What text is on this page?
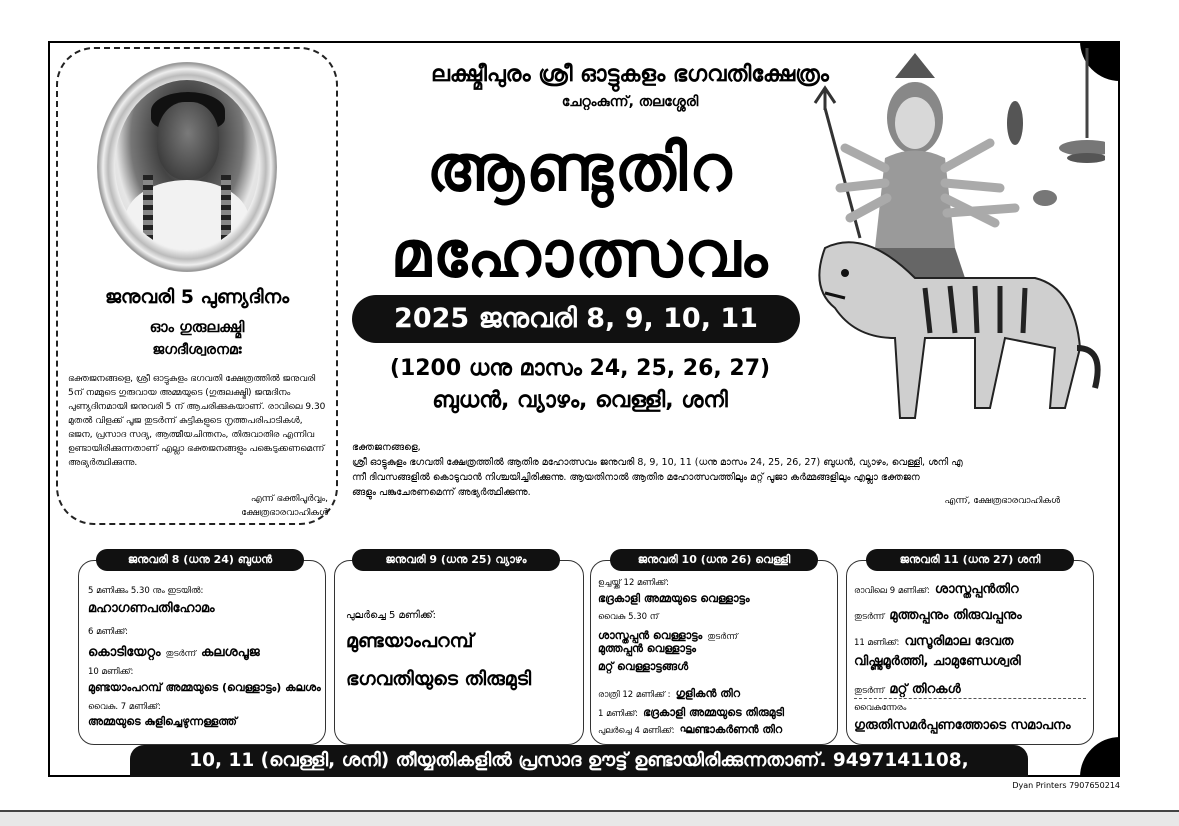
ജനുവരി 5 പുണ്യദിനം
ഓം ഗുരുലക്ഷ്മി
ജഗദീശ്വരനമഃ
ഭക്തജനങ്ങളെ, ശ്രീ ഓട്ടുകുളം ഭഗവതി ക്ഷേത്രത്തിൽ ജനുവരി 5ന് നമ്മുടെ ഗുരുവായ അമ്മയുടെ (ഗുരുലക്ഷ്മി) ജന്മദിനം പുണ്യദിനമായി ജനുവരി 5 ന് ആചരിക്കുകയാണ്. രാവിലെ 9.30 മുതൽ വിളക്ക് പൂജ തുടർന്ന് കുട്ടികളുടെ നൃത്തപരിപാടികൾ, ഭജന, പ്രസാദ സദ്യ, ആത്മീയചിന്തനം, തിരുവാതിര എന്നിവ ഉണ്ടായിരിക്കുന്നതാണ് എല്ലാ ഭക്തജനങ്ങളും പങ്കെടുക്കണമെന്ന് അഭ്യർത്ഥിക്കുന്നു.
എന്ന് ഭക്തിപൂർവ്വം,
ക്ഷേത്രഭാരവാഹികൾ
ലക്ഷ്മീപുരം ശ്രീ ഓട്ടുകളം ഭഗവതിക്ഷേത്രം
ചേറ്റംകുന്ന്, തലശ്ശേരി
ആണ്ടുതിറ
മഹോത്സവം
2025 ജനുവരി 8, 9, 10, 11
(1200 ധനു മാസം 24, 25, 26, 27)
ബുധൻ, വ്യാഴം, വെള്ളി, ശനി
ഭക്തജനങ്ങളെ,
ശ്രീ ഓട്ടുകുളം ഭഗവതി ക്ഷേത്രത്തിൽ ആതിര മഹോത്സവം ജനുവരി 8, 9, 10, 11 (ധനു മാസം 24, 25, 26, 27) ബുധൻ, വ്യാഴം, വെള്ളി, ശനി എ
ന്നീ ദിവസങ്ങളിൽ കൊടുവാൻ നിശ്ചയിച്ചിരിക്കുന്നു. ആയതിനാൽ ആതിര മഹോത്സവത്തിലും മറ്റ് പൂജാ കർമ്മങ്ങളിലും എല്ലാ ഭക്തജന
ങ്ങളും പങ്കുചേരണമെന്ന് അഭ്യർത്ഥിക്കുന്നു.
എന്ന്, ക്ഷേത്രഭാരവാഹികൾ
ജനുവരി 8 (ധനു 24) ബുധൻ
5 മണിക്കും 5.30 നും ഇടയിൽ:
മഹാഗണപതിഹോമം
6 മണിക്ക്:
കൊടിയേറ്റം തുടർന്ന് കലശപൂജ
10 മണിക്ക്:
മുണ്ടയാംപറമ്പ് അമ്മയുടെ (വെള്ളാട്ടം) കലശം
വൈകു. 7 മണിക്ക്:
അമ്മയുടെ കുളിച്ചെഴുന്നള്ളത്ത്
ജനുവരി 9 (ധനു 25) വ്യാഴം
പുലർച്ചെ 5 മണിക്ക്:
മുണ്ടയാംപറമ്പ്
ഭഗവതിയുടെ തിരുമുടി
ജനുവരി 10 (ധനു 26) വെള്ളി
ഉച്ചയ്ക്ക് 12 മണിക്ക്:
ഭദ്രകാളി അമ്മയുടെ വെള്ളാട്ടം
വൈകു 5.30 ന്
ശാസ്തപ്പൻ വെള്ളാട്ടം തുടർന്ന്
മുത്തപ്പൻ വെള്ളാട്ടം
മറ്റ് വെള്ളാട്ടങ്ങൾ
രാത്രി 12 മണിക്ക് : ഗുളികൻ തിറ
1 മണിക്ക്: ഭദ്രകാളി അമ്മയുടെ തിരുമുടി
പുലർച്ചെ 4 മണിക്ക്: ഘണ്ടാകർണൻ തിറ
ജനുവരി 11 (ധനു 27) ശനി
രാവിലെ 9 മണിക്ക്: ശാസ്തപ്പൻതിറ
തുടർന്ന് മുത്തപ്പനും തിരുവപ്പനും
11 മണിക്ക്: വസൂരിമാല ദേവത
വിഷ്ണുമൂർത്തി, ചാമുണ്ഡേശ്വരി
തുടർന്ന് മറ്റ് തിറകൾ
വൈകുന്നേരം
ഗുരുതിസമർപ്പണത്തോടെ സമാപനം
10, 11 (വെള്ളി, ശനി) തീയ്യതികളിൽ പ്രസാദ ഊട്ട് ഉണ്ടായിരിക്കുന്നതാണ്. 9497141108, 9840242799	Dyan Printers 7907650214
